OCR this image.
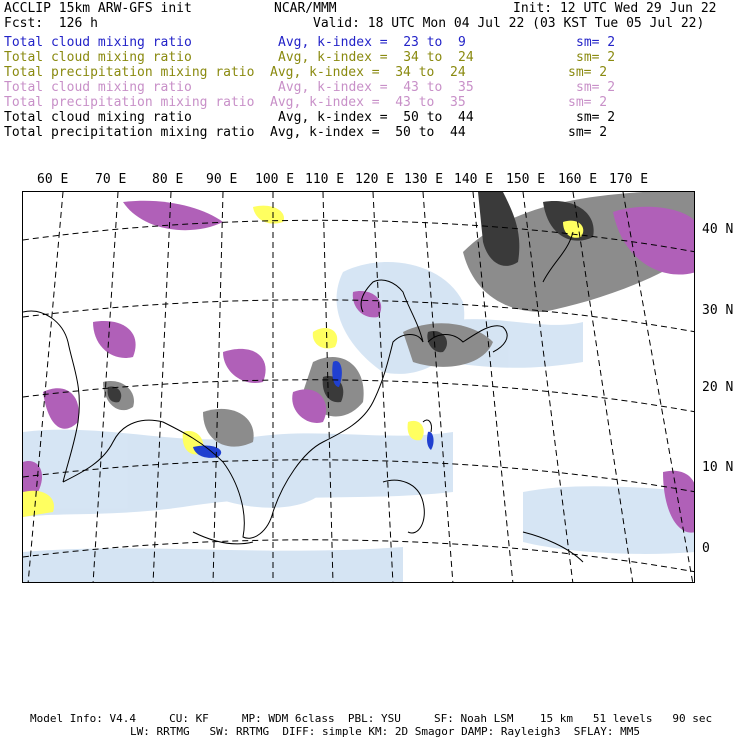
ACCLIP 15km ARW-GFS init	NCAR/MMM	Init: 12 UTC Wed 29 Jun 22
Fcst:  126 h	Valid: 18 UTC Mon 04 Jul 22 (03 KST Tue 05 Jul 22)
Total cloud mixing ratio	Avg, k-index =  23 to  9	sm= 2
Total cloud mixing ratio	Avg, k-index =  34 to  24	sm= 2
Total precipitation mixing ratio Avg, k-index =  34 to  24	sm= 2
Total cloud mixing ratio	Avg, k-index =  43 to  35	sm= 2
Total precipitation mixing ratio Avg, k-index =  43 to  35	sm= 2
Total cloud mixing ratio	Avg, k-index =  50 to  44	sm= 2
Total precipitation mixing ratio Avg, k-index =  50 to  44	sm= 2
60 E 70 E 80 E 90 E 100 E 110 E 120 E 130 E 140 E 150 E 160 E 170 E
40 N
30 N
20 N
10 N
0
Model Info: V4.4     CU: KF     MP: WDM 6class  PBL: YSU     SF: Noah LSM    15 km   51 levels   90 sec
LW: RRTMG   SW: RRTMG  DIFF: simple KM: 2D Smagor DAMP: Rayleigh3  SFLAY: MM5
